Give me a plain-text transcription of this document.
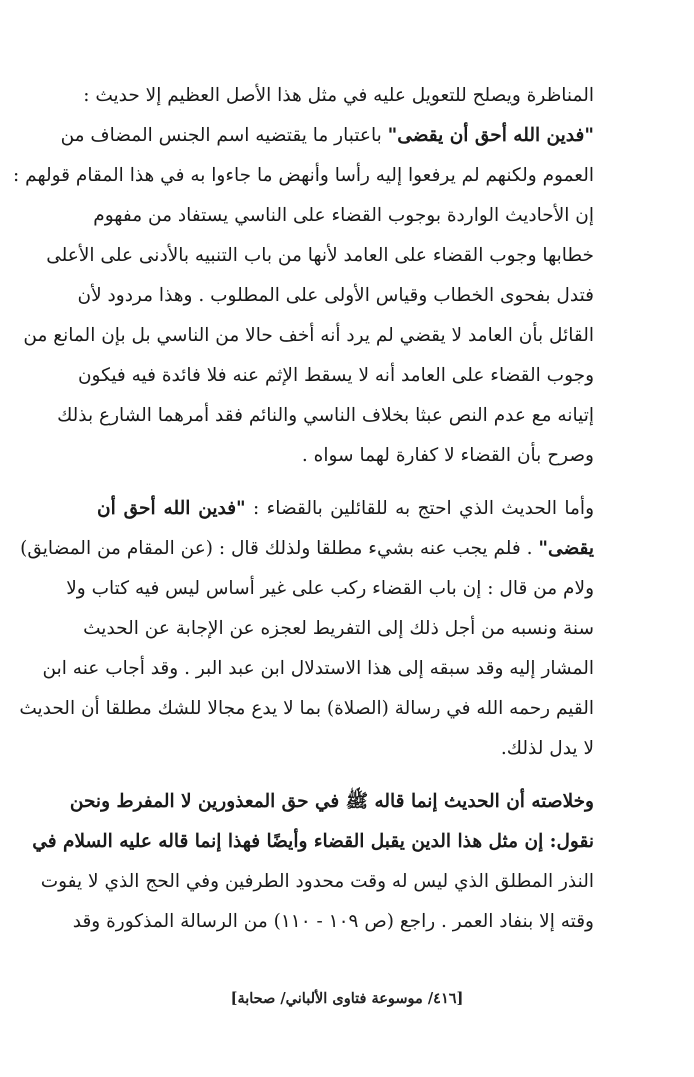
المناظرة ويصلح للتعويل عليه في مثل هذا الأصل العظيم إلا حديث :
"فدين الله أحق أن يقضى" باعتبار ما يقتضيه اسم الجنس المضاف من
العموم ولكنهم لم يرفعوا إليه رأسا وأنهض ما جاءوا به في هذا المقام قولهم :
إن الأحاديث الواردة بوجوب القضاء على الناسي يستفاد من مفهوم
خطابها وجوب القضاء على العامد لأنها من باب التنبيه بالأدنى على الأعلى
فتدل بفحوى الخطاب وقياس الأولى على المطلوب . وهذا مردود لأن
القائل بأن العامد لا يقضي لم يرد أنه أخف حالا من الناسي بل بإن المانع من
وجوب القضاء على العامد أنه لا يسقط الإثم عنه فلا فائدة فيه فيكون
إتيانه مع عدم النص عبثا بخلاف الناسي والنائم فقد أمرهما الشارع بذلك
وصرح بأن القضاء لا كفارة لهما سواه .
وأما الحديث الذي احتج به للقائلين بالقضاء : "فدين الله أحق أن
يقضى" . فلم يجب عنه بشيء مطلقا ولذلك قال : (عن المقام من المضايق)
ولام من قال : إن باب القضاء ركب على غير أساس ليس فيه كتاب ولا
سنة ونسبه من أجل ذلك إلى التفريط لعجزه عن الإجابة عن الحديث
المشار إليه وقد سبقه إلى هذا الاستدلال ابن عبد البر . وقد أجاب عنه ابن
القيم رحمه الله في رسالة (الصلاة) بما لا يدع مجالا للشك مطلقا أن الحديث
لا يدل لذلك.
وخلاصته أن الحديث إنما قاله ﷺ في حق المعذورين لا المفرط ونحن
نقول: إن مثل هذا الدين يقبل القضاء وأيضًا فهذا إنما قاله عليه السلام في
النذر المطلق الذي ليس له وقت محدود الطرفين وفي الحج الذي لا يفوت
وقته إلا بنفاد العمر . راجع (ص ١٠٩ - ١١٠) من الرسالة المذكورة وقد
[٤١٦/ موسوعة فتاوى الألباني/ صحابة]
